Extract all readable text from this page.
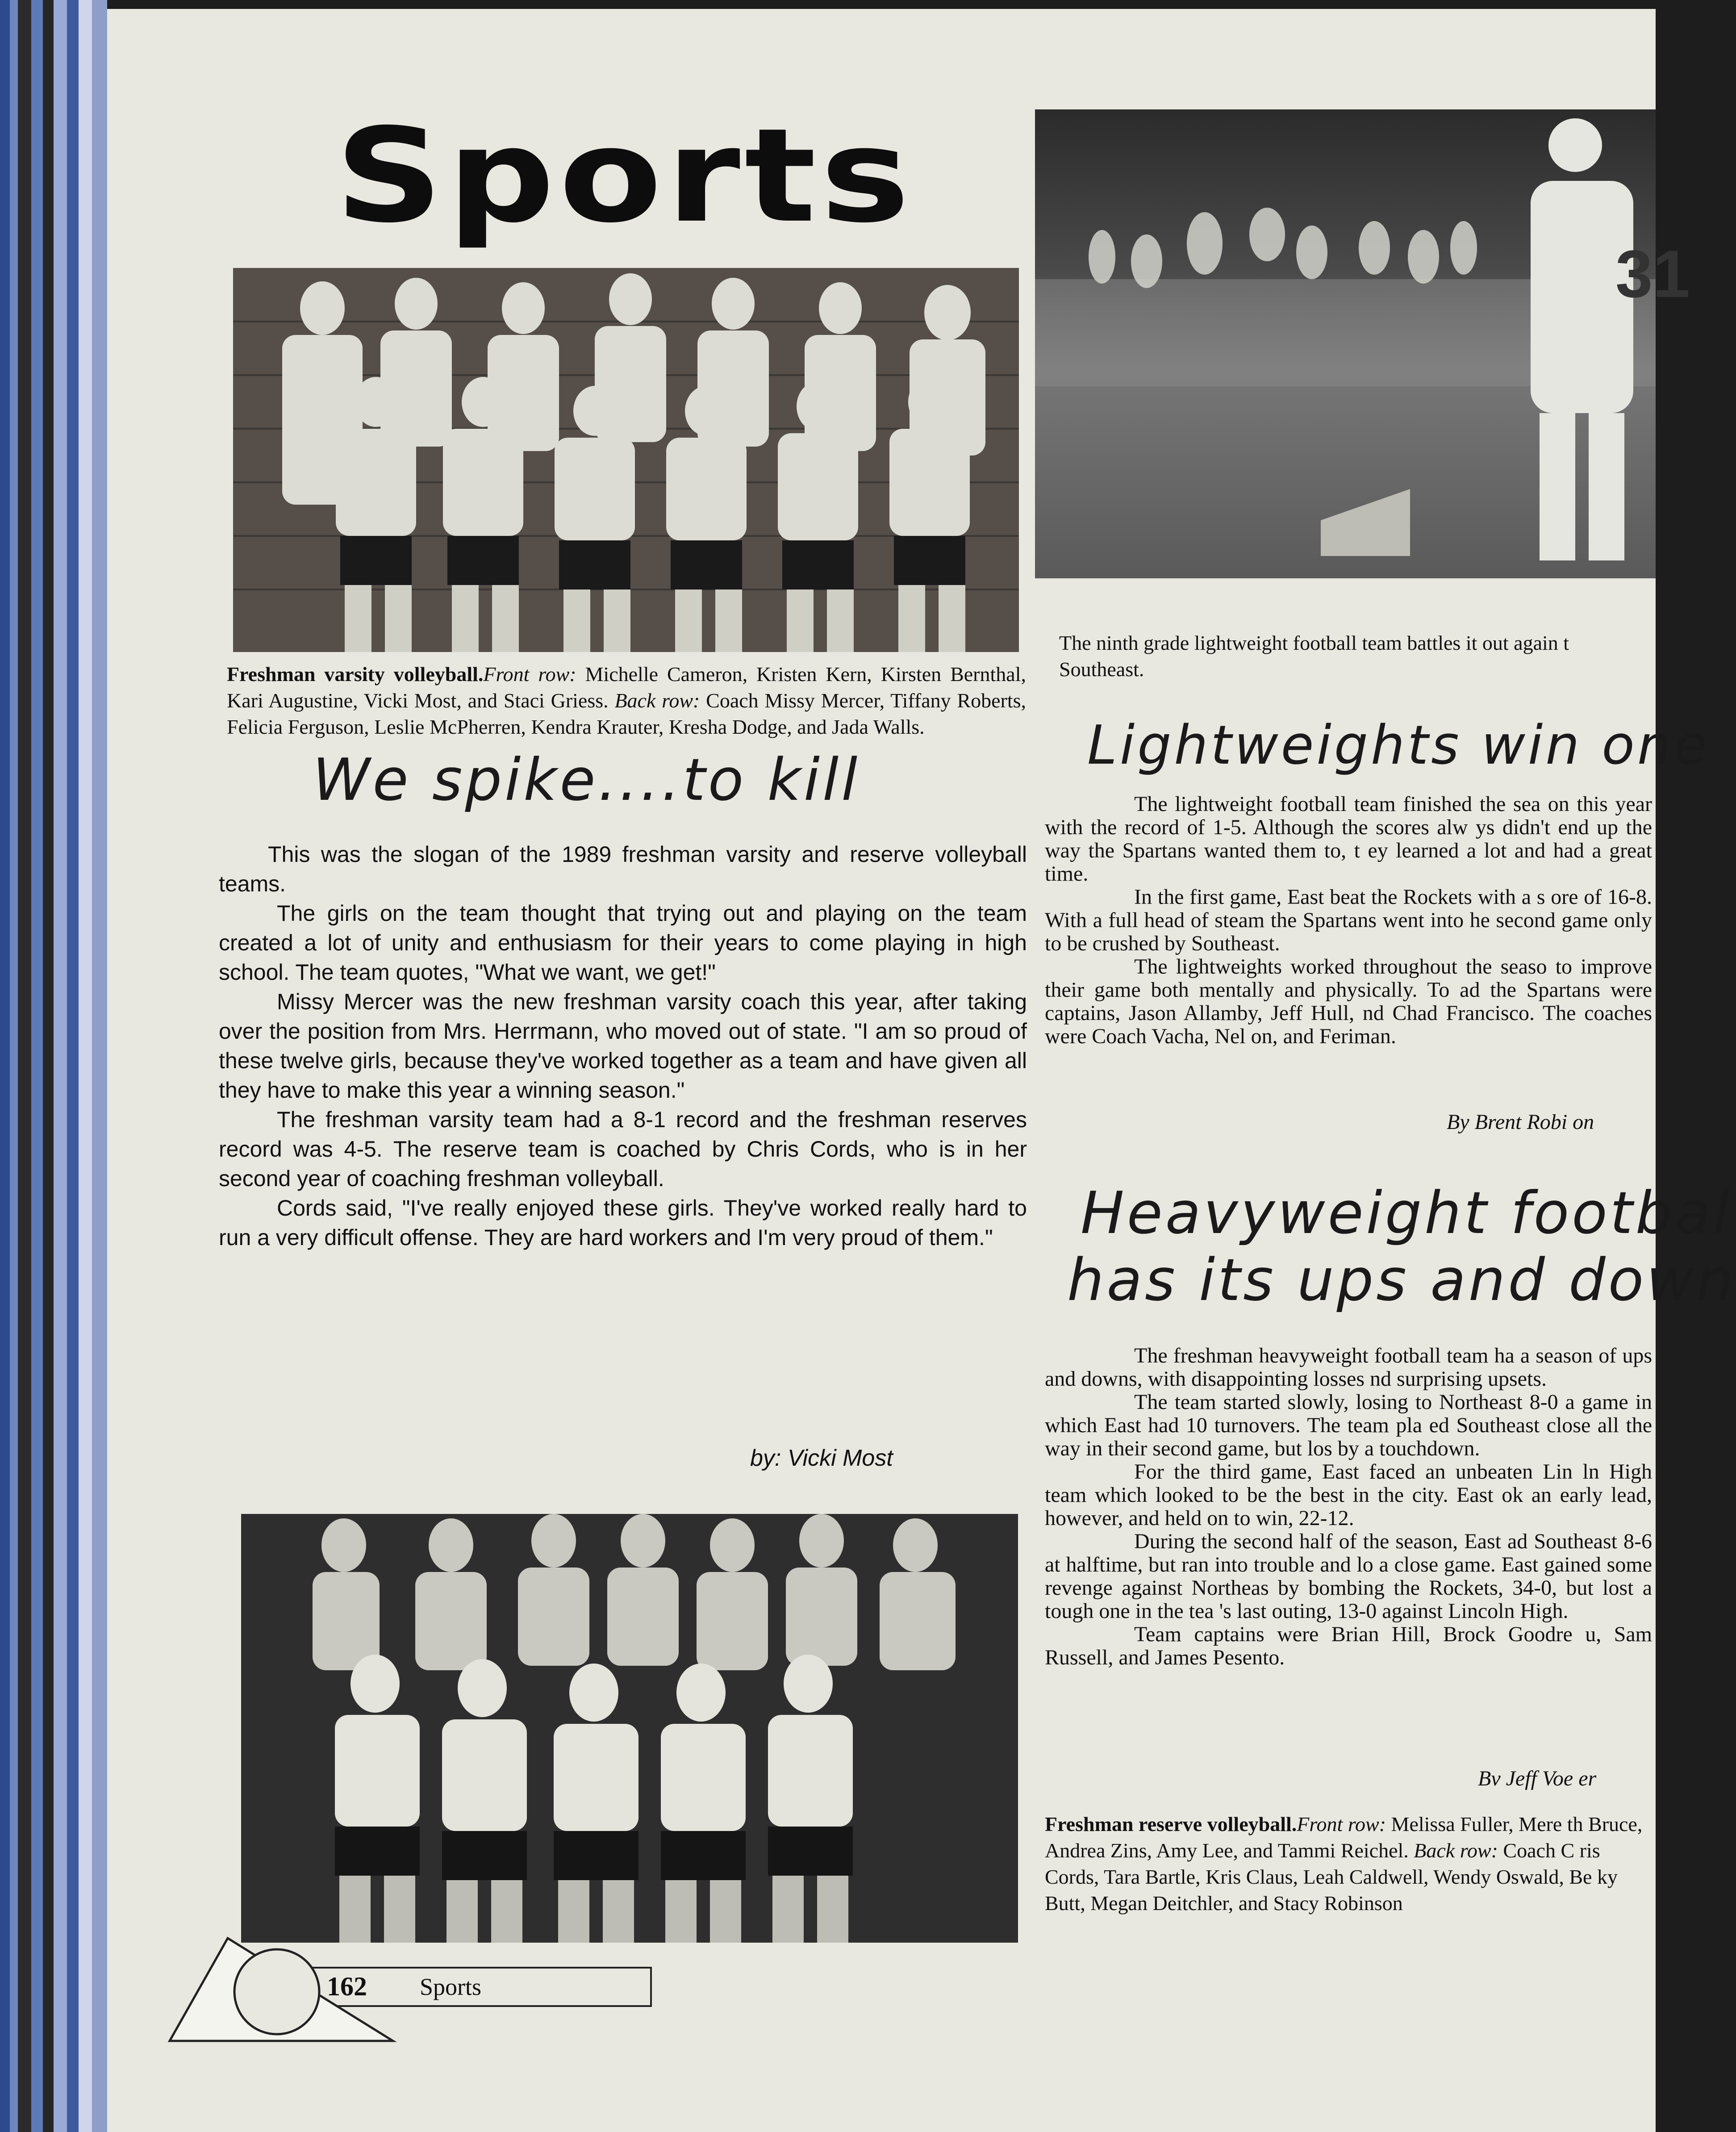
Sports
Freshman varsity volleyball.Front row: Michelle Cameron, Kristen Kern, Kirsten Bernthal, Kari Augustine, Vicki Most, and Staci Griess. Back row: Coach Missy Mercer, Tiffany Roberts, Felicia Ferguson, Leslie McPherren, Kendra Krauter, Kresha Dodge, and Jada Walls.
We spike....to kill

This was the slogan of the 1989 freshman varsity and reserve volleyball teams.

The girls on the team thought that trying out and playing on the team created a lot of unity and enthusiasm for their years to come playing in high school. The team quotes, "What we want, we get!"

Missy Mercer was the new freshman varsity coach this year, after taking over the position from Mrs. Herrmann, who moved out of state. "I am so proud of these twelve girls, because they've worked together as a team and have given all they have to make this year a winning season."

The freshman varsity team had a 8-1 record and the freshman reserves record was 4-5. The reserve team is coached by Chris Cords, who is in her second year of coaching freshman volleyball.

Cords said, "I've really enjoyed these girls. They've worked really hard to run a very difficult offense. They are hard workers and I'm very proud of them."

by: Vicki Most
31
The ninth grade lightweight football team battles it out again t Southeast.
Lightweights win one

The lightweight football team finished the sea on this year with the record of 1-5. Although the scores alw ys didn't end up the way the Spartans wanted them to, t ey learned a lot and had a great time.

In the first game, East beat the Rockets with a s ore of 16-8. With a full head of steam the Spartans went into he second game only to be crushed by Southeast.

The lightweights worked throughout the seaso to improve their game both mentally and physically. To ad the Spartans were captains, Jason Allamby, Jeff Hull, nd Chad Francisco. The coaches were Coach Vacha, Nel on, and Feriman.

By Brent Robi on
Heavyweight footbal
has its ups and down

The freshman heavyweight football team ha a season of ups and downs, with disappointing losses nd surprising upsets.

The team started slowly, losing to Northeast 8-0 a game in which East had 10 turnovers. The team pla ed Southeast close all the way in their second game, but los by a touchdown.

For the third game, East faced an unbeaten Lin ln High team which looked to be the best in the city. East ok an early lead, however, and held on to win, 22-12.

During the second half of the season, East ad Southeast 8-6 at halftime, but ran into trouble and lo a close game. East gained some revenge against Northeas by bombing the Rockets, 34-0, but lost a tough one in the tea 's last outing, 13-0 against Lincoln High.

Team captains were Brian Hill, Brock Goodre u, Sam Russell, and James Pesento.

Bv Jeff Voe er
Freshman reserve volleyball.Front row: Melissa Fuller, Mere th Bruce, Andrea Zins, Amy Lee, and Tammi Reichel. Back row: Coach C ris Cords, Tara Bartle, Kris Claus, Leah Caldwell, Wendy Oswald, Be ky Butt, Megan Deitchler, and Stacy Robinson
162 Sports
